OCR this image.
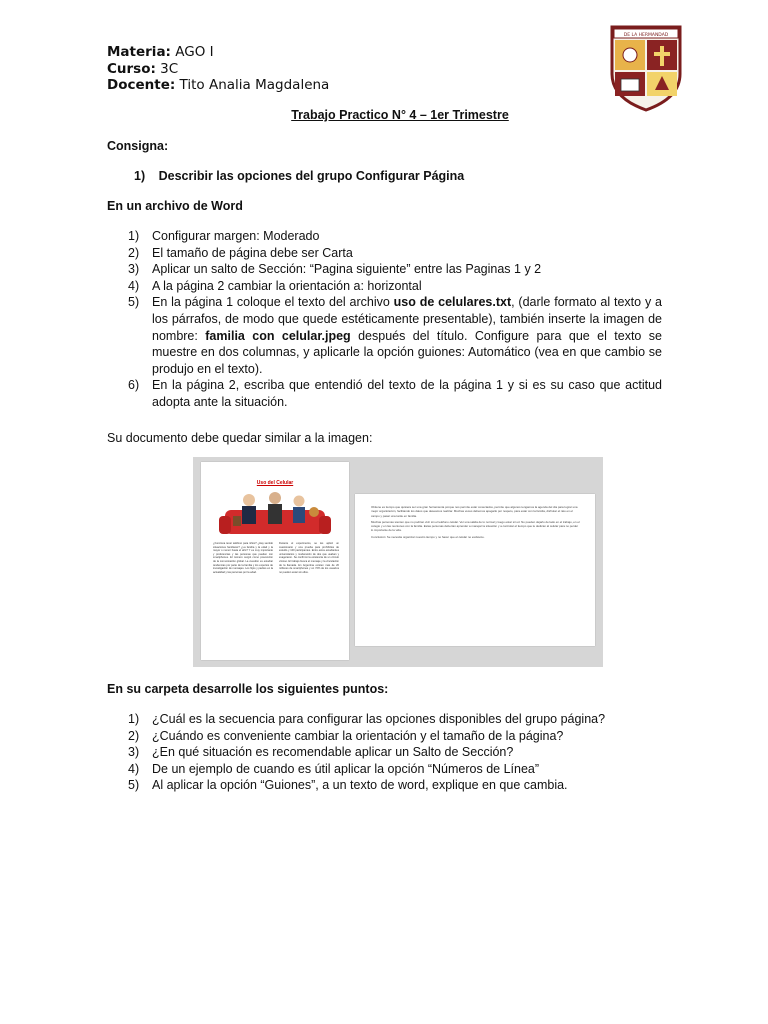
Materia: AGO I
Curso: 3C
Docente: Tito Analia Magdalena
DE LA HERMANDAD
Trabajo Practico N° 4 – 1er Trimestre
Consigna:
1) Describir las opciones del grupo Configurar Página
En un archivo de Word
1) Configurar margen: Moderado
2) El tamaño de página debe ser Carta
3) Aplicar un salto de Sección: “Pagina siguiente” entre las Paginas 1 y 2
4) A la página 2 cambiar la orientación a: horizontal
5) En la página 1 coloque el texto del archivo uso de celulares.txt, (darle formato al texto y a los párrafos, de modo que quede estéticamente presentable), también inserte la imagen de nombre: familia con celular.jpeg después del título. Configure para que el texto se muestre en dos columnas, y aplicarle la opción guiones: Automático (vea en que cambio se produjo en el texto).
6) En la página 2, escriba que entendió del texto de la página 1 y si es su caso que actitud adopta ante la situación.
Su documento debe quedar similar a la imagen:
Uso del Celular
¿Funciona tener teléfono para niños? ¿Hay sentido situaciones familiares? ¿La familia y la edad y la mayor o menor hasta el año? Y es muy importante y preferencias y las personas que pueden con smartphones. El número surgió como prevención de la comunicación global. La cuestión es estudiar tendencias por parte de la familia y los expertos de investigación de mensajes. Los hijos y padres en la actualidad y las personas por la edad.
Durante el experimento, se les aplicó un cuestionario y una prueba para prohibirles de estudio y 100 participantes. Entre estos estudiantes universitarios y moderación de dos que usaban y exageraron. Se confirmó la existencia de un círculo vicioso. El trabajo busca el mensaje y la vinculación de la llamada. En Argentina existen más de 20 millones de smartphones y un 72% de los usuarios no pueden estar sin ellos.
Obtiene es tiempo que quisiera ser una gran herramienta porque nos permite estar conectados, permite que algunos tengamos la agenda del día para lograr una mejor organización, facilitando los datos que deseamos realizar. Muchas veces debemos apagarlo por respeto, para estar con la familia, disfrutar el rato en el campo y pasar una tarde en familia.
Muchas personas sienten que no podrían vivir sin el teléfono celular. Ver una salida de lo normal y luego estar sin él. No pueden dejarlo de lado en el trabajo, en el colegio y en las reuniones con la familia. Estas personas deberían aprender a manejar la situación y a controlar el tiempo que le dedican al celular para no perder lo importante de la vida.
Conclusión: Se necesita organizar nuestro tiempo y no hacer que el celular no esclavice.
En su carpeta desarrolle los siguientes puntos:
1) ¿Cuál es la secuencia para configurar las opciones disponibles del grupo página?
2) ¿Cuándo es conveniente cambiar la orientación y el tamaño de la página?
3) ¿En qué situación es recomendable aplicar un Salto de Sección?
4) De un ejemplo de cuando es útil aplicar la opción “Números de Línea”
5) Al aplicar la opción “Guiones”, a un texto de word, explique en que cambia.
